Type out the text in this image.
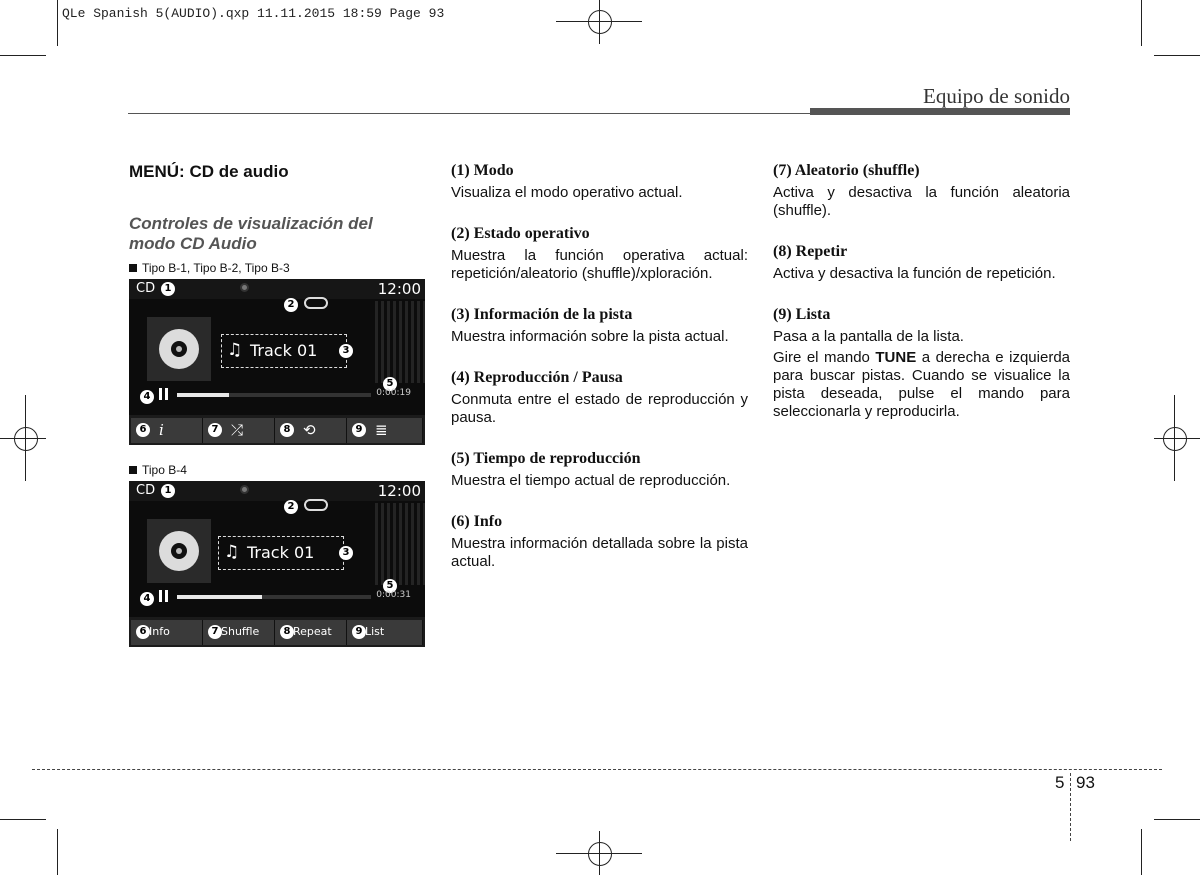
QLe Spanish 5(AUDIO).qxp 11.11.2015 18:59 Page 93
Equipo de sonido
MENÚ: CD de audio
Controles de visualización del modo CD Audio
Tipo B-1, Tipo B-2, Tipo B-3
CD 1	12:00
2
♫ Track 01	3
4
5
0:00:19
6 i	7 ⤮	8 ⟲	9 ≣
Tipo B-4
CD 1	12:00
2
♫ Track 01	3
4
5
0:00:31
6 Info	7 Shuffle	8 Repeat	9 List

(1) Modo

Visualiza el modo operativo actual.

(2) Estado operativo

Muestra la función operativa actual: repetición/aleatorio (shuffle)/xploración.

(3) Información de la pista

Muestra información sobre la pista actual.

(4) Reproducción / Pausa

Conmuta entre el estado de reproducción y pausa.

(5) Tiempo de reproducción

Muestra el tiempo actual de reproducción.

(6) Info

Muestra información detallada sobre la pista actual.

(7) Aleatorio (shuffle)

Activa y desactiva la función aleatoria (shuffle).

(8) Repetir

Activa y desactiva la función de repetición.

(9) Lista

Pasa a la pantalla de la lista.

Gire el mando TUNE a derecha e izquierda para buscar pistas. Cuando se visualice la pista deseada, pulse el mando para seleccionarla y reproducirla.

5 93
